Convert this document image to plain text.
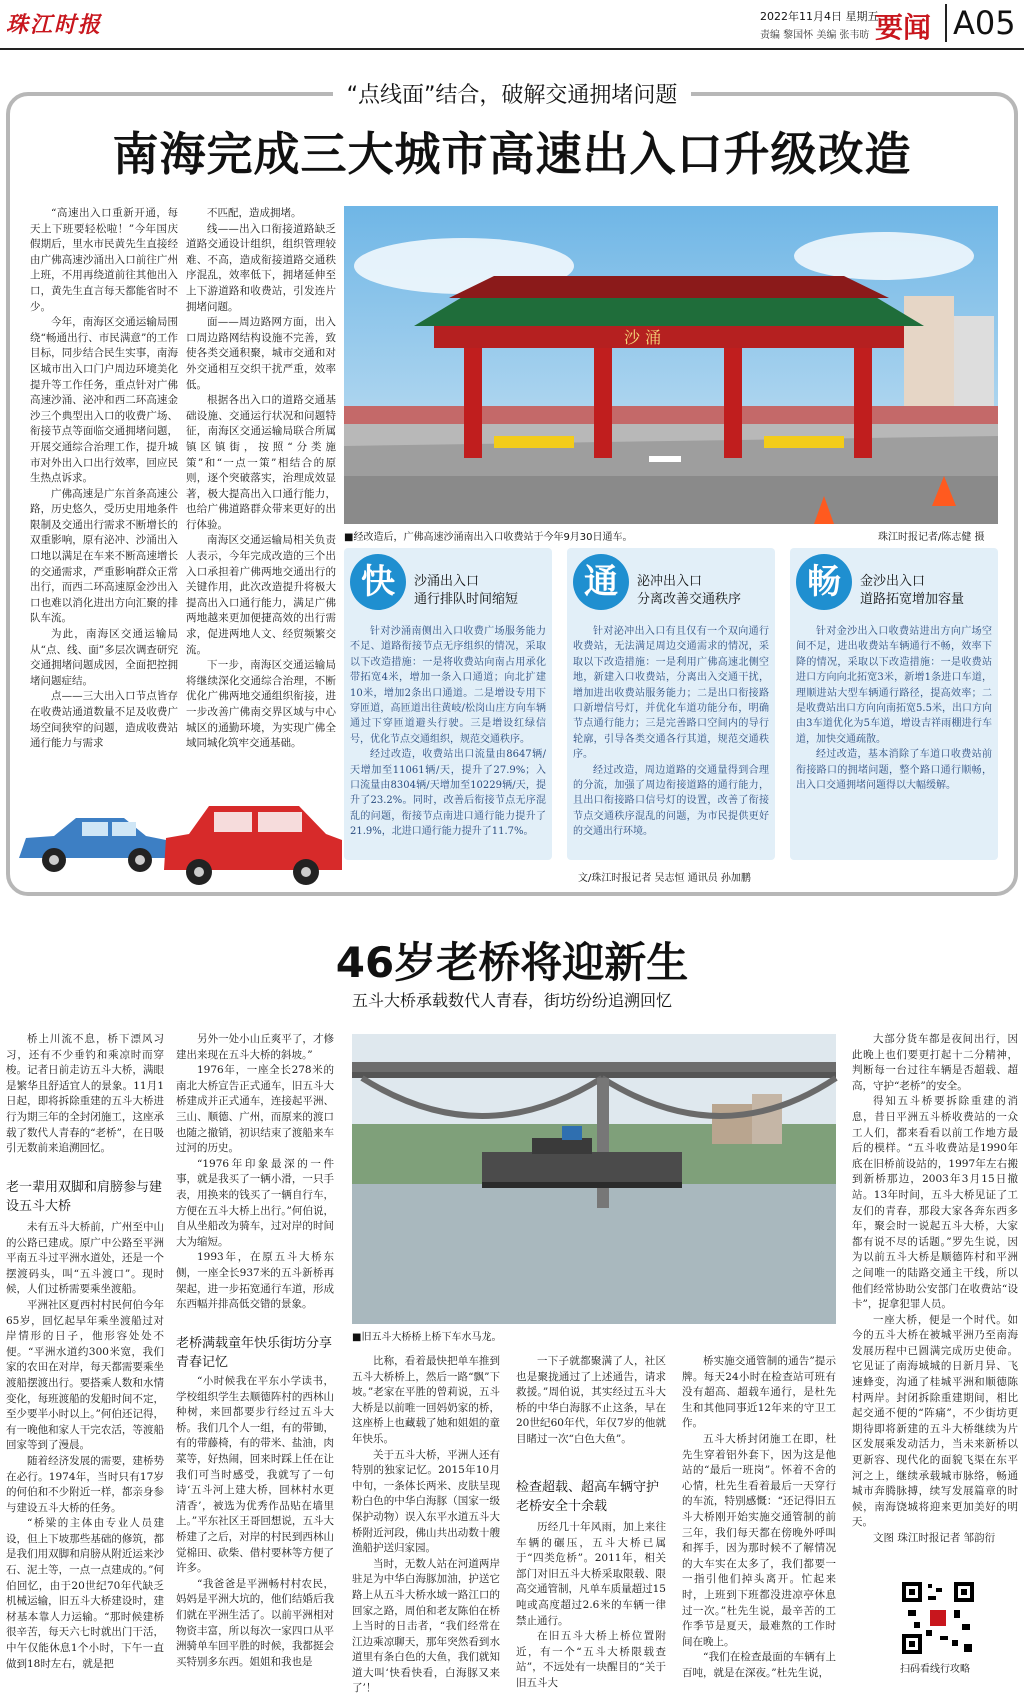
珠江时报	2022年11月4日 星期五
责编 黎国怀 美编 张韦昉 要闻 A05
“点线面”结合，破解交通拥堵问题
南海完成三大城市高速出入口升级改造

“高速出入口重新开通，每天上下班要轻松啦！”今年国庆假期后，里水市民黄先生直接经由广佛高速沙涌出入口前往广州上班，不用再绕道前往其他出入口，黄先生直言每天都能省时不少。

今年，南海区交通运输局围绕“畅通出行、市民满意”的工作目标，同步结合民生实事，南海区城市出入口门户周边环境美化提升等工作任务，重点针对广佛高速沙涌、泌冲和西二环高速金沙三个典型出入口的收费广场、衔接节点等面临交通拥堵问题，开展交通综合治理工作，提升城市对外出入口出行效率，回应民生热点诉求。

广佛高速是广东首条高速公路，历史悠久，受历史用地条件限制及交通出行需求不断增长的双重影响，原有泌冲、沙涌出入口地以满足在车来不断高速增长的交通需求，严重影响群众正常出行，而西二环高速原金沙出入口也难以消化进出方向汇聚的排队车流。

为此，南海区交通运输局从“点、线、面”多层次调查研究交通拥堵问题成因，全面把控拥堵问题症结。

点——三大出入口节点皆存在收费站通道数量不足及收费广场空间狭窄的问题，造成收费站通行能力与需求

不匹配，造成拥堵。

线——出入口衔接道路缺乏道路交通设计组织，组织管理较难、不高，造成衔接道路交通秩序混乱，效率低下，拥堵延伸至上下游道路和收费站，引发连片拥堵问题。

面——周边路网方面，出入口周边路网结构设施不完善，致使各类交通积聚，城市交通和对外交通相互交织干扰严重，效率低。

根据各出入口的道路交通基础设施、交通运行状况和问题特征，南海区交通运输局联合所属镇区镇街，按照“分类施策”和“一点一策”相结合的原则，逐个突破落实，治理成效显著，极大提高出入口通行能力，也给广佛道路群众带来更好的出行体验。

南海区交通运输局相关负责人表示，今年完成改造的三个出入口承担着广佛两地交通出行的关键作用，此次改造提升将极大提高出入口通行能力，满足广佛两地越来更加便捷高效的出行需求，促进两地人文、经贸频繁交流。

下一步，南海区交通运输局将继续深化交通综合治理，不断优化广佛两地交通组织衔接，进一步改善广佛南交界区域与中心城区的通勤环境，为实现广佛全域同城化筑牢交通基础。

沙 涌
■经改造后，广佛高速沙涌南出入口收费站于今年9月30日通车。	珠江时报记者/陈志健 摄
快	沙涌出入口
通行排队时间缩短

针对沙涌南侧出入口收费广场服务能力不足、道路衔接节点无序组织的情况，采取以下改造措施：一是将收费站向南占用承化带拓宽4米，增加一条入口通道；向北扩建10米，增加2条出口通道。二是增设专用下穿匝道，高匝道出往黄岐/松岗山庄方向车辆通过下穿匝道避头行驶。三是增设红绿信号，优化节点交通组织，规范交通秩序。

经过改造，收费站出口流量由8647辆/天增加至11061辆/天，提升了27.9%；入口流量由8304辆/天增加至10229辆/天，提升了23.2%。同时，改善后衔接节点无序混乱的问题，衔接节点南进口通行能力提升了21.9%，北进口通行能力提升了11.7%。

通	泌冲出入口
分离改善交通秩序

针对泌冲出入口有且仅有一个双向通行收费站，无法满足周边交通需求的情况，采取以下改造措施：一是利用广佛高速北侧空地，新建入口收费站，分离出入交通干扰，增加进出收费站服务能力；二是出口衔接路口新增信号灯，并优化车道功能分布，明确节点通行能力；三是完善路口空间内的导行轮廓，引导各类交通各行其道，规范交通秩序。

经过改造，周边道路的交通量得到合理的分流，加强了周边衔接道路的通行能力，且出口衔接路口信号灯的设置，改善了衔接节点交通秩序混乱的问题，为市民提供更好的交通出行环境。

畅	金沙出入口
道路拓宽增加容量

针对金沙出入口收费站进出方向广场空间不足，进出收费站车辆通行不畅，效率下降的情况，采取以下改造措施：一是收费站进口方向向北拓宽3米，新增1条进口车道，理顺进站大型车辆通行路径，提高效率；二是收费站出口方向向南拓宽5.5米，出口方向由3车道优化为5车道，增设吉祥雨棚进行车道，加快交通疏散。

经过改造，基本消除了车道口收费站前衔接路口的拥堵问题，整个路口通行顺畅，出入口交通拥堵问题得以大幅缓解。

文/珠江时报记者 吴志恒 通讯员 孙加鹏
46岁老桥将迎新生
五斗大桥承载数代人青春，街坊纷纷追溯回忆

桥上川流不息，桥下漂风习习，还有不少垂钓和乘凉时而穿梭。记者日前走访五斗大桥，满眼是繁华且舒适宜人的景象。11月1日起，即将拆除重建的五斗大桥进行为期三年的全封闭施工，这座承载了数代人青春的“老桥”，在日吸引无数前来追溯回忆。

老一辈用双脚和肩膀参与建设五斗大桥

未有五斗大桥前，广州至中山的公路已建成。原广中公路至平洲平南五斗过平洲水道处，还是一个摆渡码头，叫“五斗渡口”。现时候，人们过桥需要乘坐渡船。

平洲社区夏西村村民何伯今年65岁，回忆起早年乘坐渡船过对岸情形的日子，他形容处处不便。“平洲水道约300米宽，我们家的农田在对岸，每天都需要乘坐渡船摆渡出行。要搭乘人数和水情变化，每班渡船的发船时间不定，至少要半小时以上。”何伯还记得，有一晚他和家人干完农活，等渡船回家等到了漫晨。

随着经济发展的需要，建桥势在必行。1974年，当时只有17岁的何伯和不少附近一样，都亲身参与建设五斗大桥的任务。

“桥梁的主体由专业人员建设，但上下坡那些基础的修筑，都是我们用双脚和肩膀从附近运来沙石、泥土等，一点一点建成的。”何伯回忆，由于20世纪70年代缺乏机械运输，旧五斗大桥建设时，建材基本靠人力运输。“那时候建桥很辛苦，每天六七时就出门干活，中午仅能休息1个小时，下午一直做到18时左右，就是把

另外一处小山丘爽平了，才修建出来现在五斗大桥的斜坡。”

1976年，一座全长278米的南北大桥宣告正式通车，旧五斗大桥建成并正式通车，连接起平洲、三山、顺德、广州，而原来的渡口也随之撤销，初识结束了渡船来车过河的历史。

“1976年印象最深的一件事，就是我买了一辆小滑，一只手表，用换来的钱买了一辆自行车，方便在五斗大桥上出行。”何伯说，自从坐船改为骑车，过对岸的时间大为缩短。

1993年，在原五斗大桥东侧，一座全长937米的五斗新桥再架起，进一步拓宽通行车道，形成东西幅并排高低交错的景象。

老桥满载童年快乐街坊分享青春记忆

“小时候我在平东小学读书，学校组织学生去顺德阵村的西林山种树，来回都要步行经过五斗大桥。我们几个人一组，有的带锄，有的带藤椅，有的带米、盐油，肉菜等，好热闹，回来时踩上任在让我们可当时感受，我就写了一句诗‘五斗河上建大桥，回林村水更清香’，被选为优秀作品贴在墙里上。”平东社区王哥回想说，五斗大桥建了之后，对岸的村民到西林山觉棉田、砍柴、借村要林等方便了许多。

“我爸爸是平洲畅村村农民，妈妈是平洲大坑的，他们结婚后我们就在平洲生活了。以前平洲相对物资丰富，所以每次一家四口从平洲骑单车回平胜的时候，我都挺会买特别多东西。姐姐和我也是

■旧五斗大桥桥上桥下车水马龙。

比称，看着最快把单车推到五斗大桥桥上，然后一路“飘”下坡。”老家在平胜的曾莉说，五斗大桥是以前唯一回妈奶家的桥，这座桥上也藏载了她和姐姐的童年快乐。

关于五斗大桥，平洲人还有特别的独家记忆。2015年10月中旬，一条体长两米、皮肤呈现粉白色的中华白海豚（国家一级保护动物）误入东平水道五斗大桥附近河段，佛山共出动数十艘渔船护送归家园。

当时，无数人站在河道两岸驻足为中华白海豚加油，护送它路上从五斗大桥水域一路江口的回家之路，周伯和老友陈伯在桥上当时的日击者，“我们经常在江边乘凉聊天，那年突然看到水道里有条白色的大鱼，我们就知道大叫‘快看快看，白海豚又来了’！

一下子就都聚满了人，社区也是聚拢通过了上述通告，请求救援。”周伯说，其实经过五斗大桥的中华白海豚不止这条，早在20世纪60年代，年仅7岁的他就目睹过一次“白色大鱼”。

检查超载、超高车辆守护老桥安全十余载

历经几十年风雨，加上来往车辆的碾压，五斗大桥已属于“四类危桥”。2011年，相关部门对旧五斗大桥采取限载、限高交通管制，凡单车质量超过15吨或高度超过2.6米的车辆一律禁止通行。

在旧五斗大桥上桥位置附近，有一个“五斗大桥限载查站”，不远处有一块醒目的“关于旧五斗大

桥实施交通管制的通告”提示牌。每天24小时在检查站可班有没有超高、超载车通行，是杜先生和其他同事近12年来的守卫工作。

五斗大桥封闭施工在即，杜先生穿着铝外套下，因为这是他站的“最后一班岗”。怀着不舍的心情，杜先生看着最后一天穿行的车流，特别感慨：“还记得旧五斗大桥刚开始实施交通管制的前三年，我们每天都在傍晚外呼叫和挥手，因为那时候不了解情况的大车实在太多了，我们都要一一指引他们掉头离开。忙起来时，上班到下班都没进凉亭休息过一次。”杜先生说，最辛苦的工作季节是夏天，最难熬的工作时间在晚上。

“我们在检查最面的车辆有上百吨，就是在深夜。”杜先生说，

大部分货车都是夜间出行，因此晚上也们要更打起十二分精神，判断每一台过往车辆是否超载、超高，守护“老桥”的安全。

得知五斗桥要拆除重建的消息，昔日平洲五斗桥收费站的一众工人们，都来看看以前工作地方最后的模样。“五斗收费站是1990年底在旧桥前设站的，1997年左右搬到新桥那边，2003年3月15日撤站。13年时间，五斗大桥见证了工友们的青春，那段大家各奔东西多年，聚会时一说起五斗大桥，大家都有说不尽的话题。”罗先生说，因为以前五斗大桥是顺德阵村和平洲之间唯一的陆路交通主干线，所以他们经常协助公安部门在收费站“设卡”，捉拿犯罪人员。

一座大桥，便是一个时代。如今的五斗大桥在被城平洲乃至南海发展历程中已圆满完成历史使命。它见证了南海城城的日新月异、飞速蜂变，沟通了桂城平洲和顺德陈村两岸。封闭拆除重建期间，相比起交通不便的“阵痛”，不少街坊更期待即将新建的五斗大桥继续为片区发展乘发动活力，当未来新桥以更新容、现代化的面貌飞渠在东平河之上，继续承载城市脉络，畅通城市奔腾脉搏，续写发展篇章的时候，南海饶城将迎来更加美好的明天。

文图 珠江时报记者 邹韵衍

扫码看线行攻略
